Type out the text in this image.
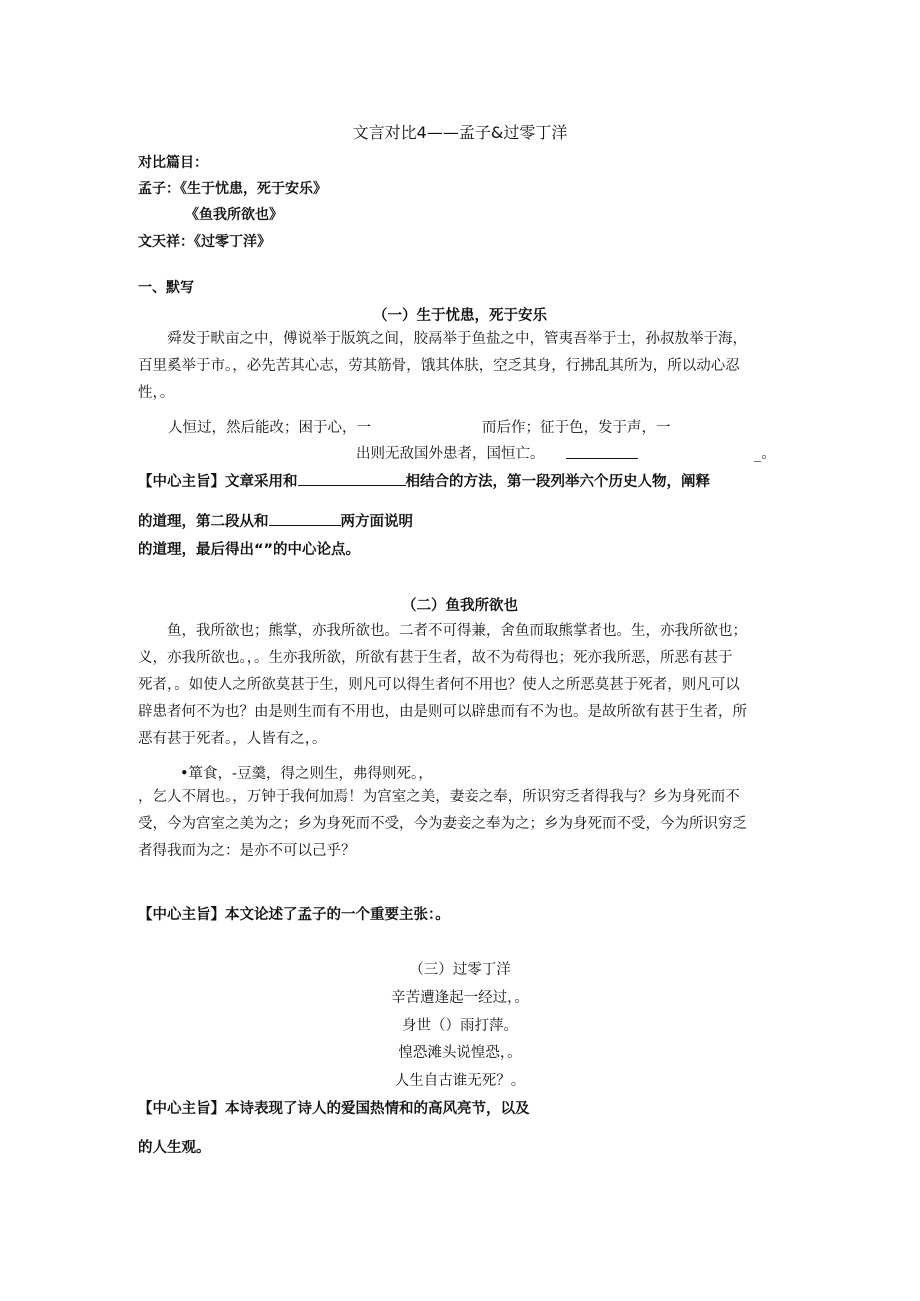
文言对比4——孟子&过零丁洋
对比篇目：
孟子：《生于忧患，死于安乐》
《鱼我所欲也》
文天祥：《过零丁洋》
一、默写
（一）生于忧患，死于安乐

舜发于畎亩之中，傅说举于版筑之间，胶鬲举于鱼盐之中，管夷吾举于士，孙叔敖举于海，

百里奚举于市。，必先苦其心志，劳其筋骨，饿其体肤，空乏其身，行拂乱其所为，所以动心忍

性，。

人恒过，然后能改；困于心，一	而后作；征于色，发于声，一
出则无敌国外患者，国恒亡。	_。
【中心主旨】文章采用和	相结合的方法，第一段列举六个历史人物，阐释
的道理，第二段从和	两方面说明
的道理，最后得出“”的中心论点。
（二）鱼我所欲也

鱼，我所欲也；熊掌，亦我所欲也。二者不可得兼，舍鱼而取熊掌者也。生，亦我所欲也；

义，亦我所欲也。，。生亦我所欲，所欲有甚于生者，故不为苟得也；死亦我所恶，所恶有甚于

死者，。如使人之所欲莫甚于生，则凡可以得生者何不用也？使人之所恶莫甚于死者，则凡可以

辟患者何不为也？由是则生而有不用也，由是则可以辟患而有不为也。是故所欲有甚于生者，所

恶有甚于死者。，人皆有之，。

•箪食，-豆羹，得之则生，弗得则死。，

，乞人不屑也。，万钟于我何加焉！为宫室之美，妻妾之奉，所识穷乏者得我与？乡为身死而不

受，今为宫室之美为之；乡为身死而不受，今为妻妾之奉为之；乡为身死而不受，今为所识穷乏

者得我而为之：是亦不可以己乎？

【中心主旨】本文论述了孟子的一个重要主张：。
（三）过零丁洋
辛苦遭逢起一经过，。
身世（）雨打萍。
惶恐滩头说惶恐，。
人生自古谁无死？。
【中心主旨】本诗表现了诗人的爱国热情和的高风亮节，以及
的人生观。
